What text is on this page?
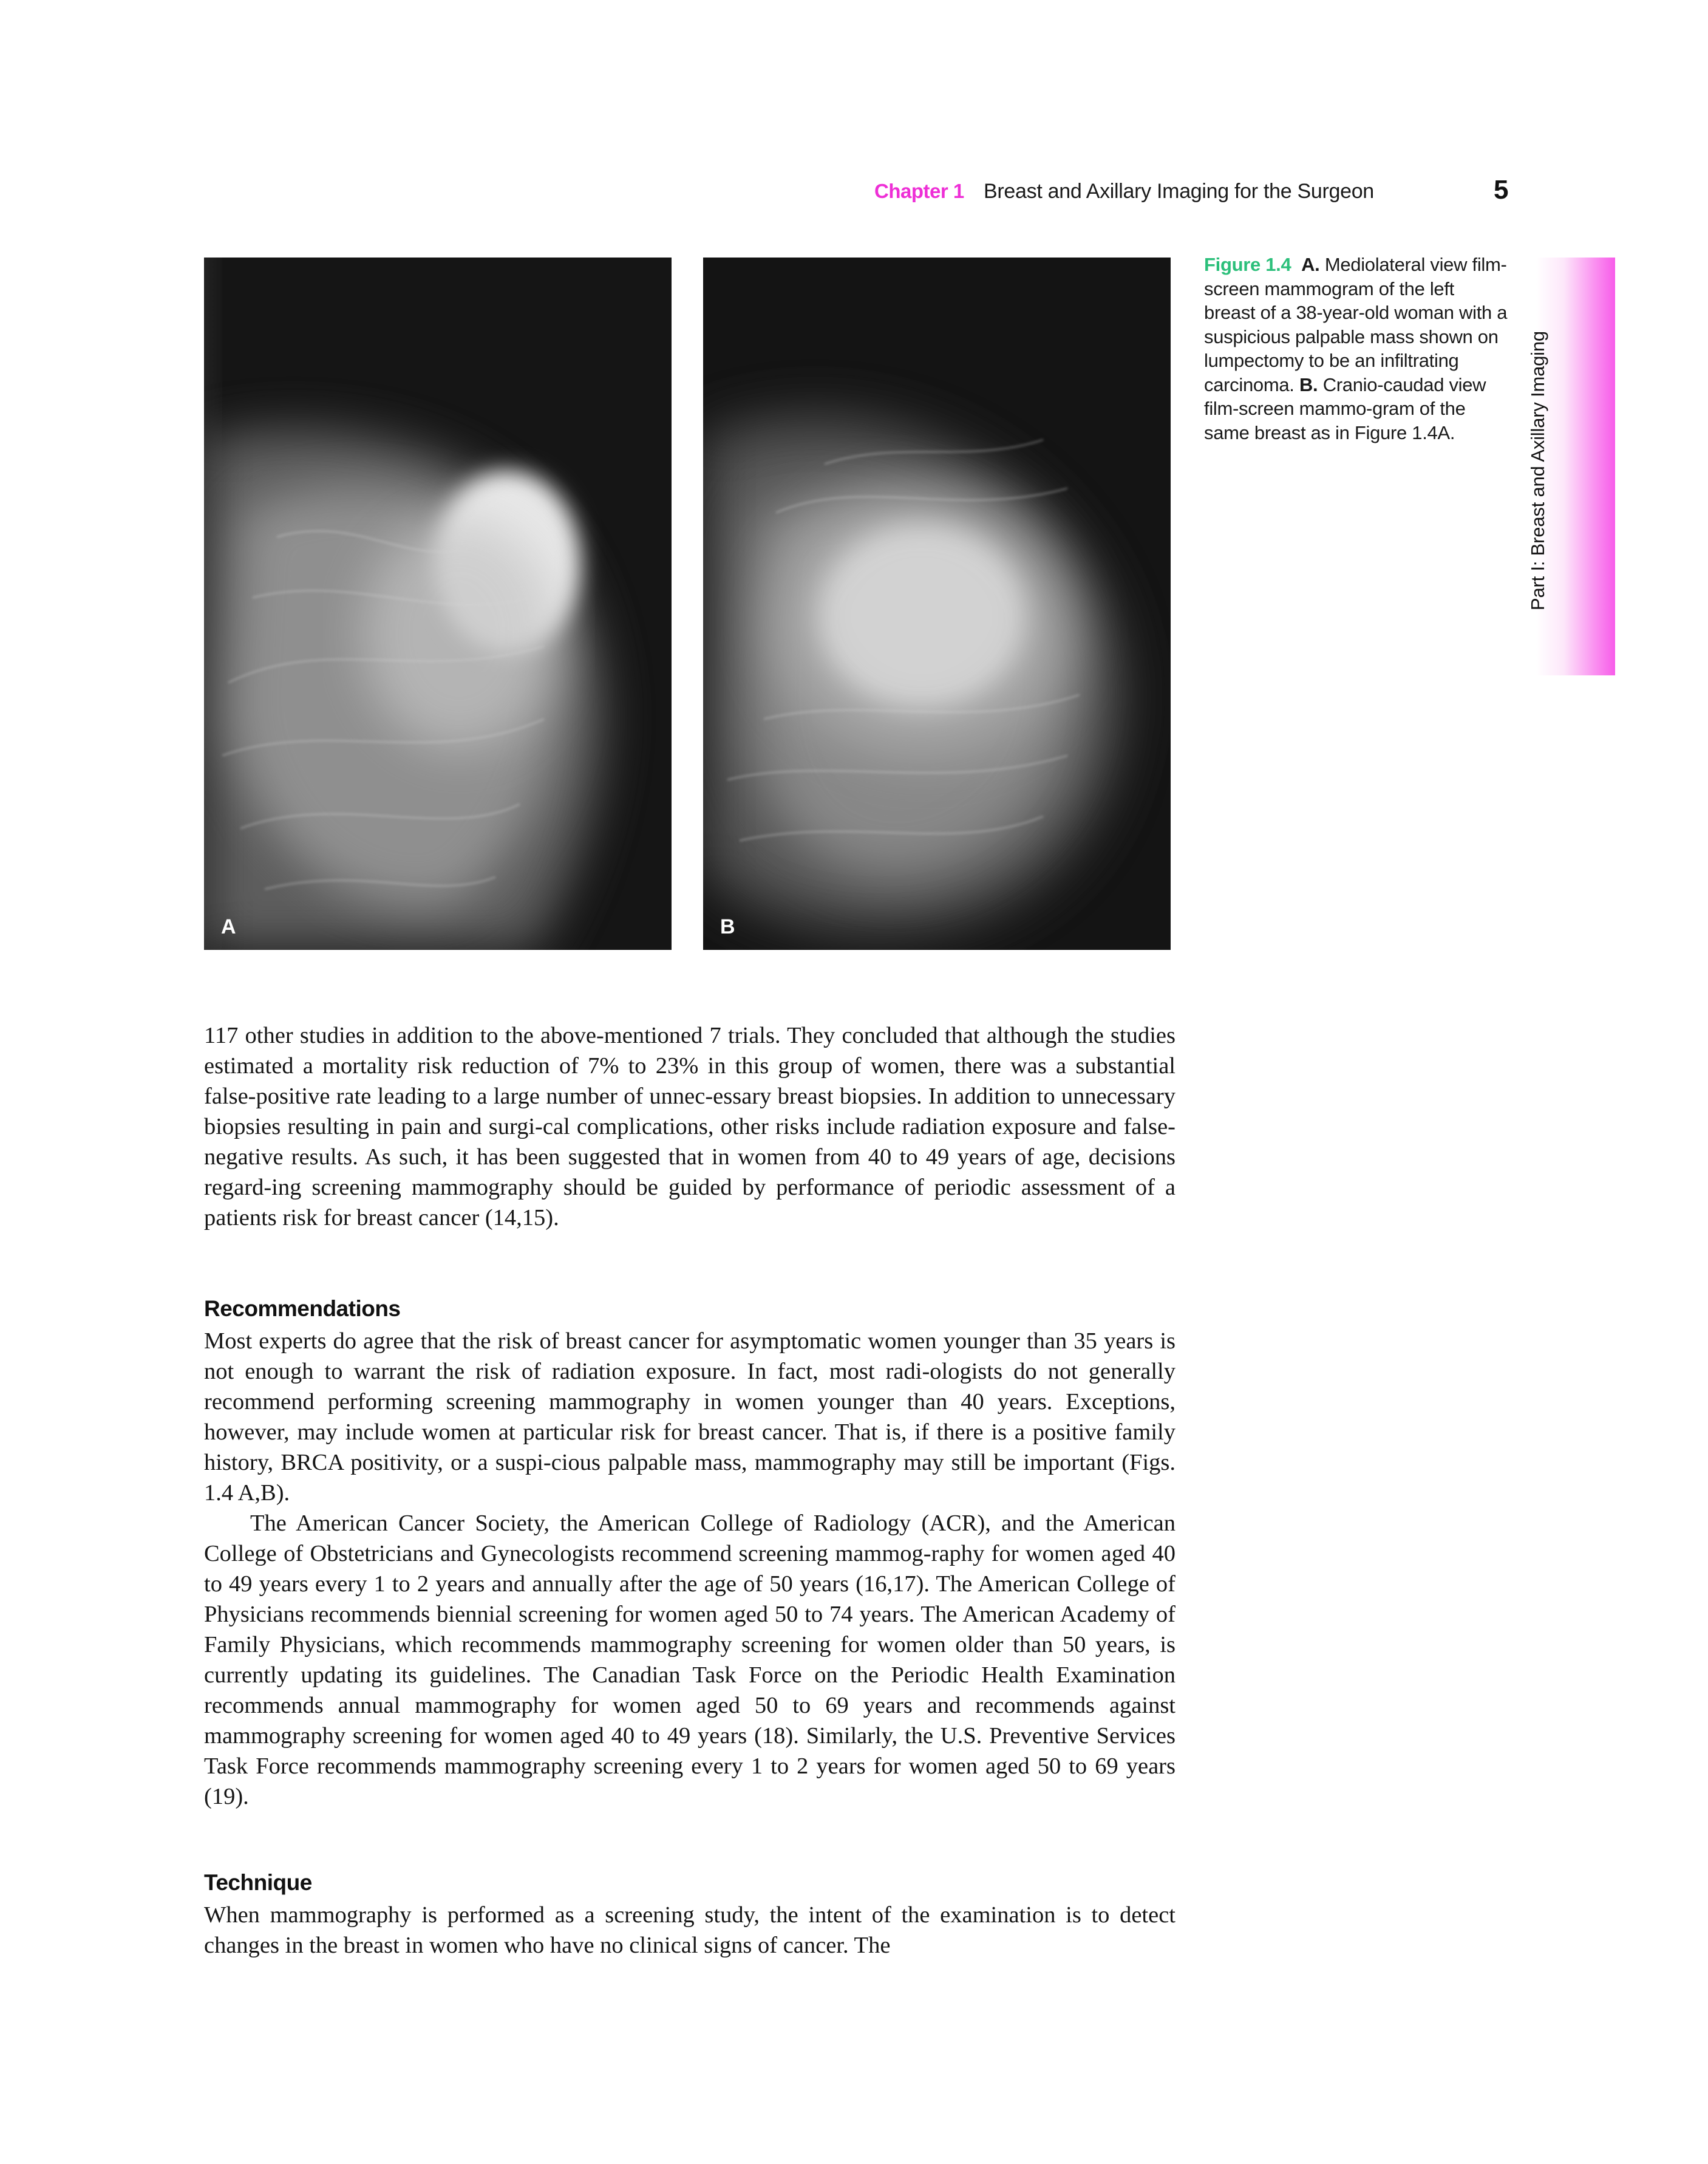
Chapter 1 Breast and Axillary Imaging for the Surgeon	5
A	B
Figure 1.4 A. Mediolateral view film-screen mammogram of the left breast of a 38-year-old woman with a suspicious palpable mass shown on lumpectomy to be an infiltrating carcinoma. B. Cranio-caudad view film-screen mammo-gram of the same breast as in Figure 1.4A.	Part I: Breast and Axillary Imaging

117 other studies in addition to the above-mentioned 7 trials. They concluded that although the studies estimated a mortality risk reduction of 7% to 23% in this group of women, there was a substantial false-positive rate leading to a large number of unnec-essary breast biopsies. In addition to unnecessary biopsies resulting in pain and surgi-cal complications, other risks include radiation exposure and false-negative results. As such, it has been suggested that in women from 40 to 49 years of age, decisions regard-ing screening mammography should be guided by performance of periodic assessment of a patients risk for breast cancer (14,15).

Recommendations

Most experts do agree that the risk of breast cancer for asymptomatic women younger than 35 years is not enough to warrant the risk of radiation exposure. In fact, most radi-ologists do not generally recommend performing screening mammography in women younger than 40 years. Exceptions, however, may include women at particular risk for breast cancer. That is, if there is a positive family history, BRCA positivity, or a suspi-cious palpable mass, mammography may still be important (Figs. 1.4 A,B).

The American Cancer Society, the American College of Radiology (ACR), and the American College of Obstetricians and Gynecologists recommend screening mammog-raphy for women aged 40 to 49 years every 1 to 2 years and annually after the age of 50 years (16,17). The American College of Physicians recommends biennial screening for women aged 50 to 74 years. The American Academy of Family Physicians, which recommends mammography screening for women older than 50 years, is currently updating its guidelines. The Canadian Task Force on the Periodic Health Examination recommends annual mammography for women aged 50 to 69 years and recommends against mammography screening for women aged 40 to 49 years (18). Similarly, the U.S. Preventive Services Task Force recommends mammography screening every 1 to 2 years for women aged 50 to 69 years (19).

Technique

When mammography is performed as a screening study, the intent of the examination is to detect changes in the breast in women who have no clinical signs of cancer. The
